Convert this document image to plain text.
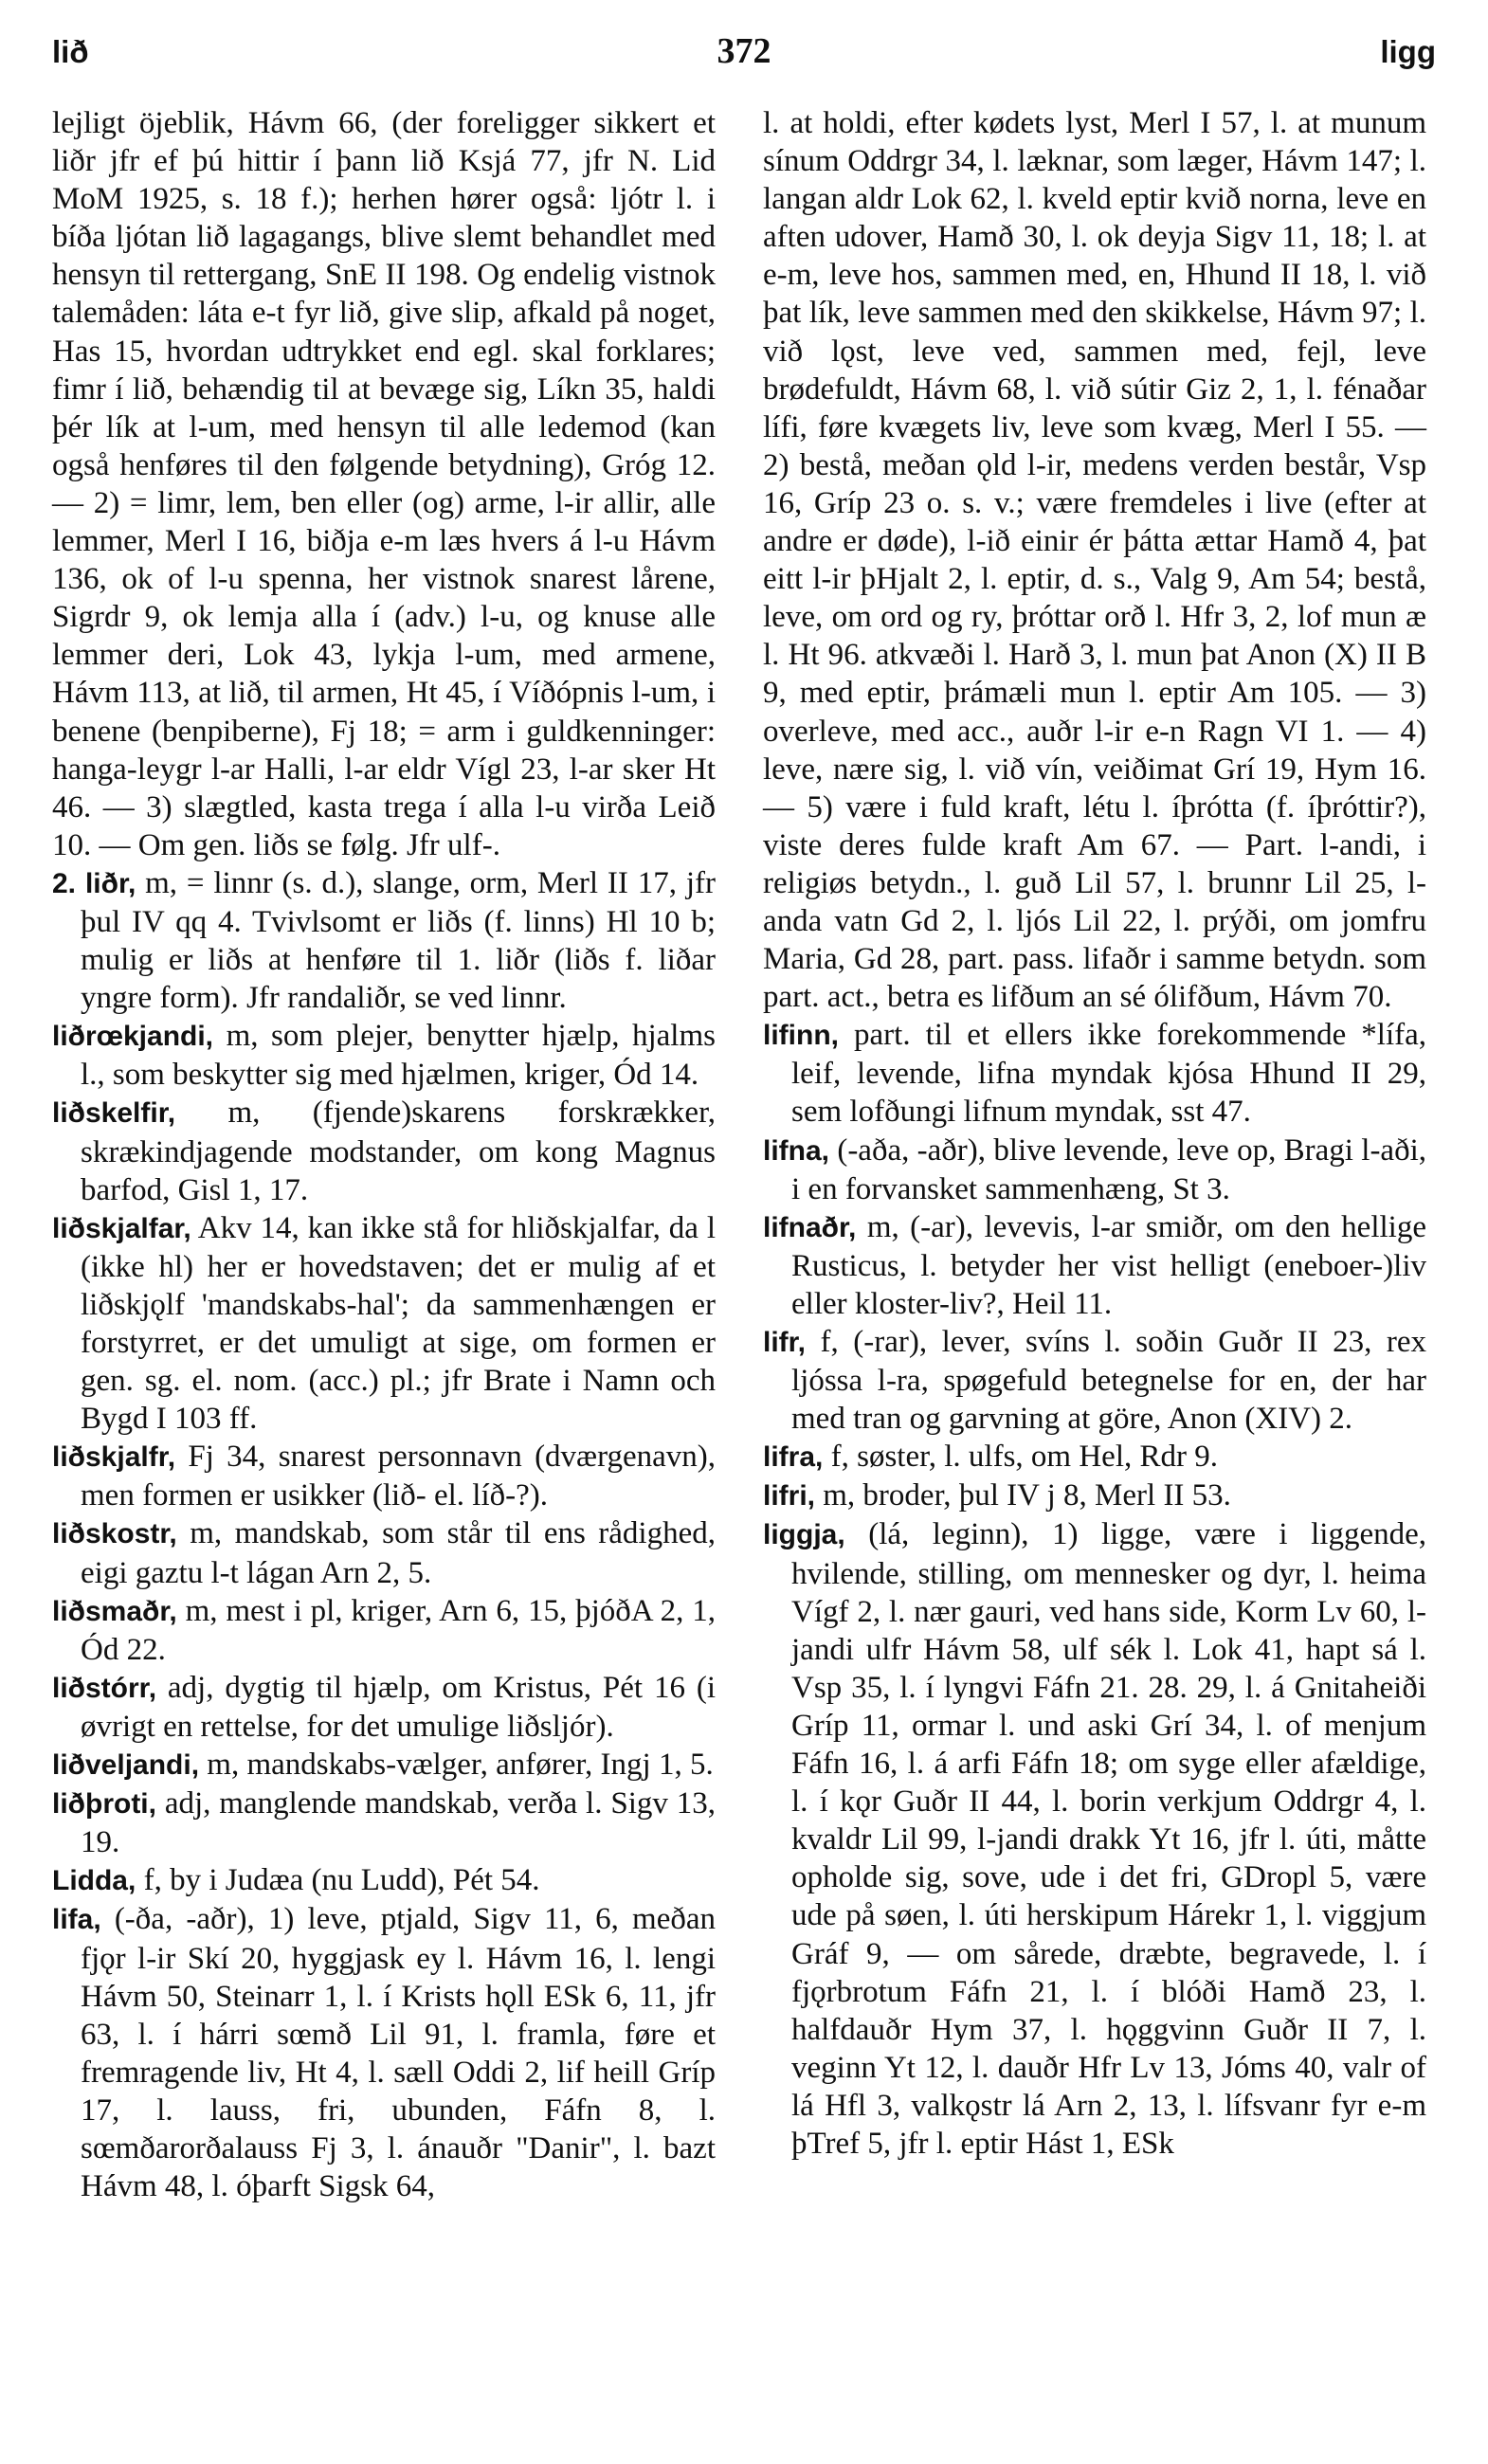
lið	372	ligg

lejligt öjeblik, Hávm 66, (der foreligger sikkert et liðr jfr ef þú hittir í þann lið Ksjá 77, jfr N. Lid MoM 1925, s. 18 f.); herhen hører også: ljótr l. i bíða ljótan lið lagagangs, blive slemt behandlet med hensyn til rettergang, SnE II 198. Og endelig vistnok talemåden: láta e-t fyr lið, give slip, afkald på noget, Has 15, hvordan udtrykket end egl. skal forklares; fimr í lið, behændig til at bevæge sig, Líkn 35, haldi þér lík at l-um, med hensyn til alle ledemod (kan også henføres til den følgende betydning), Gróg 12. — 2) = limr, lem, ben eller (og) arme, l-ir allir, alle lemmer, Merl I 16, biðja e-m læs hvers á l-u Hávm 136, ok of l-u spenna, her vistnok snarest lårene, Sigrdr 9, ok lemja alla í (adv.) l-u, og knuse alle lemmer deri, Lok 43, lykja l-um, med armene, Hávm 113, at lið, til armen, Ht 45, í Víðópnis l-um, i benene (benpiberne), Fj 18; = arm i guldkenninger: hanga-leygr l-ar Halli, l-ar eldr Vígl 23, l-ar sker Ht 46. — 3) slægtled, kasta trega í alla l-u virða Leið 10. — Om gen. liðs se følg. Jfr ulf-.

2. liðr, m, = linnr (s. d.), slange, orm, Merl II 17, jfr þul IV qq 4. Tvivlsomt er liðs (f. linns) Hl 10 b; mulig er liðs at henføre til 1. liðr (liðs f. liðar yngre form). Jfr randaliðr, se ved linnr.

liðrœkjandi, m, som plejer, benytter hjælp, hjalms l., som beskytter sig med hjælmen, kriger, Ód 14.

liðskelfir, m, (fjende)skarens forskrækker, skrækindjagende modstander, om kong Magnus barfod, Gisl 1, 17.

liðskjalfar, Akv 14, kan ikke stå for hliðskjalfar, da l (ikke hl) her er hovedstaven; det er mulig af et liðskjǫlf 'mandskabs-hal'; da sammenhængen er forstyrret, er det umuligt at sige, om formen er gen. sg. el. nom. (acc.) pl.; jfr Brate i Namn och Bygd I 103 ff.

liðskjalfr, Fj 34, snarest personnavn (dværgenavn), men formen er usikker (lið- el. líð-?).

liðskostr, m, mandskab, som står til ens rådighed, eigi gaztu l-t lágan Arn 2, 5.

liðsmaðr, m, mest i pl, kriger, Arn 6, 15, þjóðA 2, 1, Ód 22.

liðstórr, adj, dygtig til hjælp, om Kristus, Pét 16 (i øvrigt en rettelse, for det umulige liðsljór).

liðveljandi, m, mandskabs-vælger, anfører, Ingj 1, 5.

liðþroti, adj, manglende mandskab, verða l. Sigv 13, 19.

Lidda, f, by i Judæa (nu Ludd), Pét 54.

lifa, (-ða, -aðr), 1) leve, ptjald, Sigv 11, 6, meðan fjǫr l-ir Skí 20, hyggjask ey l. Hávm 16, l. lengi Hávm 50, Steinarr 1, l. í Krists hǫll ESk 6, 11, jfr 63, l. í hárri sœmð Lil 91, l. framla, føre et fremragende liv, Ht 4, l. sæll Oddi 2, lif heill Gríp 17, l. lauss, fri, ubunden, Fáfn 8, l. sœmðarorðalauss Fj 3, l. ánauðr "Danir", l. bazt Hávm 48, l. óþarft Sigsk 64,

l. at holdi, efter kødets lyst, Merl I 57, l. at munum sínum Oddrgr 34, l. læknar, som læger, Hávm 147; l. langan aldr Lok 62, l. kveld eptir kvið norna, leve en aften udover, Hamð 30, l. ok deyja Sigv 11, 18; l. at e-m, leve hos, sammen med, en, Hhund II 18, l. við þat lík, leve sammen med den skikkelse, Hávm 97; l. við lǫst, leve ved, sammen med, fejl, leve brødefuldt, Hávm 68, l. við sútir Giz 2, 1, l. fénaðar lífi, føre kvægets liv, leve som kvæg, Merl I 55. — 2) bestå, meðan ǫld l-ir, medens verden består, Vsp 16, Gríp 23 o. s. v.; være fremdeles i live (efter at andre er døde), l-ið einir ér þátta ættar Hamð 4, þat eitt l-ir þHjalt 2, l. eptir, d. s., Valg 9, Am 54; bestå, leve, om ord og ry, þróttar orð l. Hfr 3, 2, lof mun æ l. Ht 96. atkvæði l. Harð 3, l. mun þat Anon (X) II B 9, med eptir, þrámæli mun l. eptir Am 105. — 3) overleve, med acc., auðr l-ir e-n Ragn VI 1. — 4) leve, nære sig, l. við vín, veiðimat Grí 19, Hym 16. — 5) være i fuld kraft, létu l. íþrótta (f. íþróttir?), viste deres fulde kraft Am 67. — Part. l-andi, i religiøs betydn., l. guð Lil 57, l. brunnr Lil 25, l-anda vatn Gd 2, l. ljós Lil 22, l. prýði, om jomfru Maria, Gd 28, part. pass. lifaðr i samme betydn. som part. act., betra es lifðum an sé ólifðum, Hávm 70.

lifinn, part. til et ellers ikke forekommende *lífa, leif, levende, lifna myndak kjósa Hhund II 29, sem lofðungi lifnum myndak, sst 47.

lifna, (-aða, -aðr), blive levende, leve op, Bragi l-aði, i en forvansket sammenhæng, St 3.

lifnaðr, m, (-ar), levevis, l-ar smiðr, om den hellige Rusticus, l. betyder her vist helligt (eneboer-)liv eller kloster-liv?, Heil 11.

lifr, f, (-rar), lever, svíns l. soðin Guðr II 23, rex ljóssa l-ra, spøgefuld betegnelse for en, der har med tran og garvning at göre, Anon (XIV) 2.

lifra, f, søster, l. ulfs, om Hel, Rdr 9.

lifri, m, broder, þul IV j 8, Merl II 53.

liggja, (lá, leginn), 1) ligge, være i liggende, hvilende, stilling, om mennesker og dyr, l. heima Vígf 2, l. nær gauri, ved hans side, Korm Lv 60, l-jandi ulfr Hávm 58, ulf sék l. Lok 41, hapt sá l. Vsp 35, l. í lyngvi Fáfn 21. 28. 29, l. á Gnitaheiði Gríp 11, ormar l. und aski Grí 34, l. of menjum Fáfn 16, l. á arfi Fáfn 18; om syge eller afældige, l. í kǫr Guðr II 44, l. borin verkjum Oddrgr 4, l. kvaldr Lil 99, l-jandi drakk Yt 16, jfr l. úti, måtte opholde sig, sove, ude i det fri, GDropl 5, være ude på søen, l. úti herskipum Hárekr 1, l. viggjum Gráf 9, — om sårede, dræbte, begravede, l. í fjǫrbrotum Fáfn 21, l. í blóði Hamð 23, l. halfdauðr Hym 37, l. hǫggvinn Guðr II 7, l. veginn Yt 12, l. dauðr Hfr Lv 13, Jóms 40, valr of lá Hfl 3, valkǫstr lá Arn 2, 13, l. lífsvanr fyr e-m þTref 5, jfr l. eptir Hást 1, ESk
